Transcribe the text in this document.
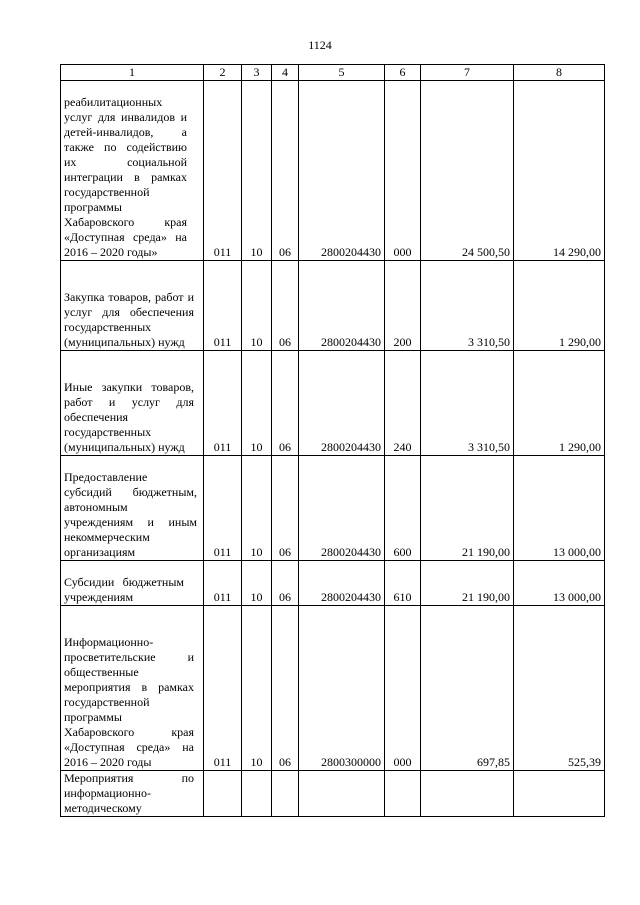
1124
1	2	3	4	5	6	7	8

реабилитационных услуг для инвалидов и детей-инвалидов, а также по содействию их социальной интеграции в рамках государственной программы Хабаровского края «Доступная среда» на 2016 – 2020 годы»	011	10	06	2800204430	000	24 500,50	14 290,00

Закупка товаров, работ и услуг для обеспечения государственных (муниципальных) нужд	011	10	06	2800204430	200	3 310,50	1 290,00

Иные закупки товаров, работ и услуг для обеспечения государственных (муниципальных) нужд	011	10	06	2800204430	240	3 310,50	1 290,00

Предоставление субсидий бюджетным, автономным учреждениям и иным некоммерческим организациям	011	10	06	2800204430	600	21 190,00	13 000,00

Субсидии бюджетным учреждениям	011	10	06	2800204430	610	21 190,00	13 000,00

Информационно-просветительские и общественные мероприятия в рамках государственной программы Хабаровского края «Доступная среда» на 2016 – 2020 годы	011	10	06	2800300000	000	697,85	525,39

Мероприятия по информационно-методическому							
